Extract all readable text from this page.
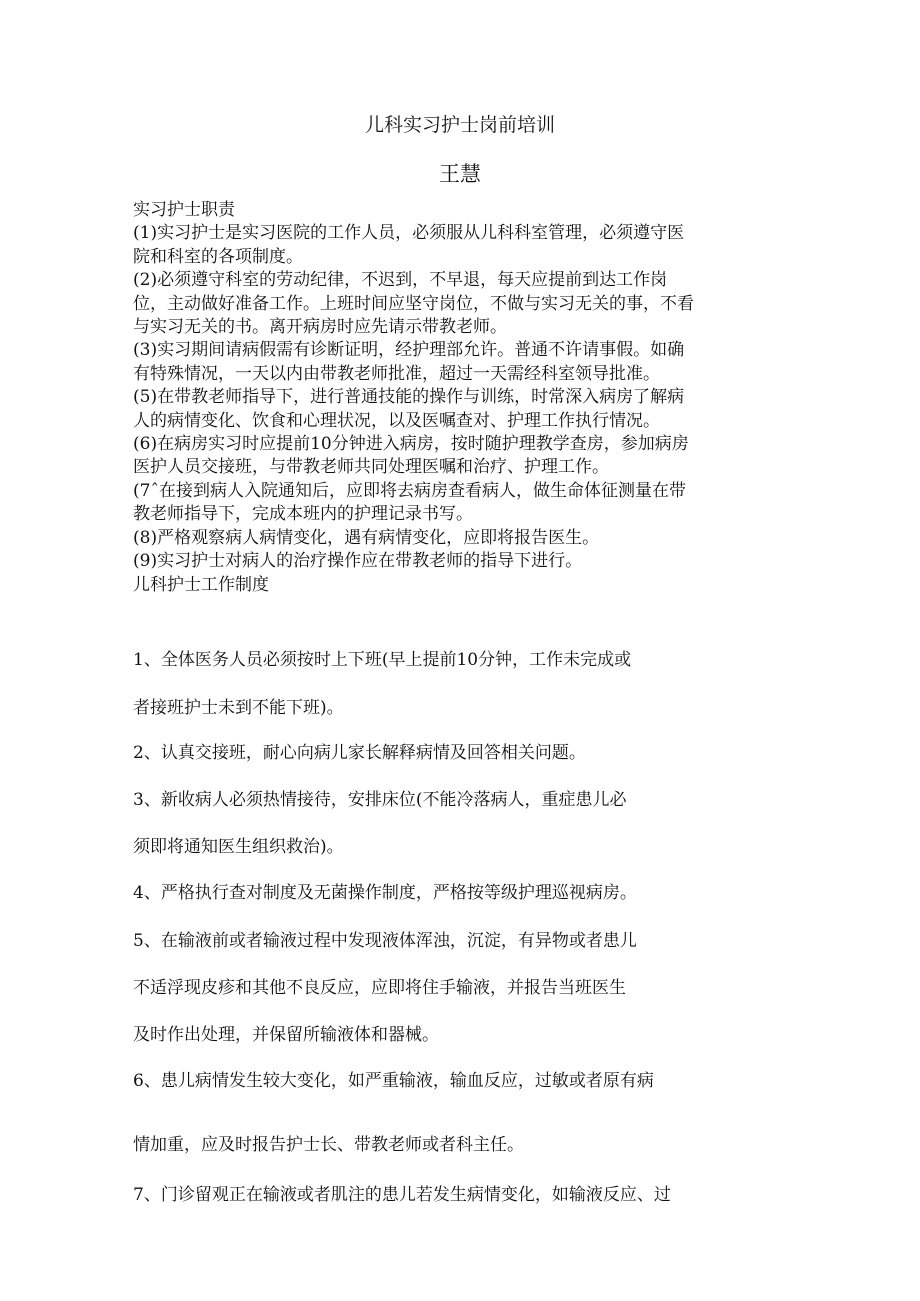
儿科实习护士岗前培训
王慧

实习护士职责

(1)实习护士是实习医院的工作人员，必须服从儿科科室管理，必须遵守医

院和科室的各项制度。

(2)必须遵守科室的劳动纪律，不迟到，不早退，每天应提前到达工作岗

位，主动做好准备工作。上班时间应坚守岗位，不做与实习无关的事，不看

与实习无关的书。离开病房时应先请示带教老师。

(3)实习期间请病假需有诊断证明，经护理部允许。普通不许请事假。如确

有特殊情况，一天以内由带教老师批准，超过一天需经科室领导批准。

(5)在带教老师指导下，进行普通技能的操作与训练，时常深入病房了解病

人的病情变化、饮食和心理状况，以及医嘱查对、护理工作执行情况。

(6)在病房实习时应提前10分钟进入病房，按时随护理教学查房，参加病房

医护人员交接班，与带教老师共同处理医嘱和治疗、护理工作。

(7ˆ在接到病人入院通知后，应即将去病房查看病人，做生命体征测量在带

教老师指导下，完成本班内的护理记录书写。

(8)严格观察病人病情变化，遇有病情变化，应即将报告医生。

(9)实习护士对病人的治疗操作应在带教老师的指导下进行。

儿科护士工作制度

1、全体医务人员必须按时上下班(早上提前10分钟，工作未完成或

者接班护士未到不能下班)。

2、认真交接班，耐心向病儿家长解释病情及回答相关问题。

3、新收病人必须热情接待，安排床位(不能冷落病人，重症患儿必

须即将通知医生组织救治)。

4、严格执行查对制度及无菌操作制度，严格按等级护理巡视病房。

5、在输液前或者输液过程中发现液体浑浊，沉淀，有异物或者患儿

不适浮现皮疹和其他不良反应，应即将住手输液，并报告当班医生

及时作出处理，并保留所输液体和器械。

6、患儿病情发生较大变化，如严重输液，输血反应，过敏或者原有病

情加重，应及时报告护士长、带教老师或者科主任。

7、门诊留观正在输液或者肌注的患儿若发生病情变化，如输液反应、过
